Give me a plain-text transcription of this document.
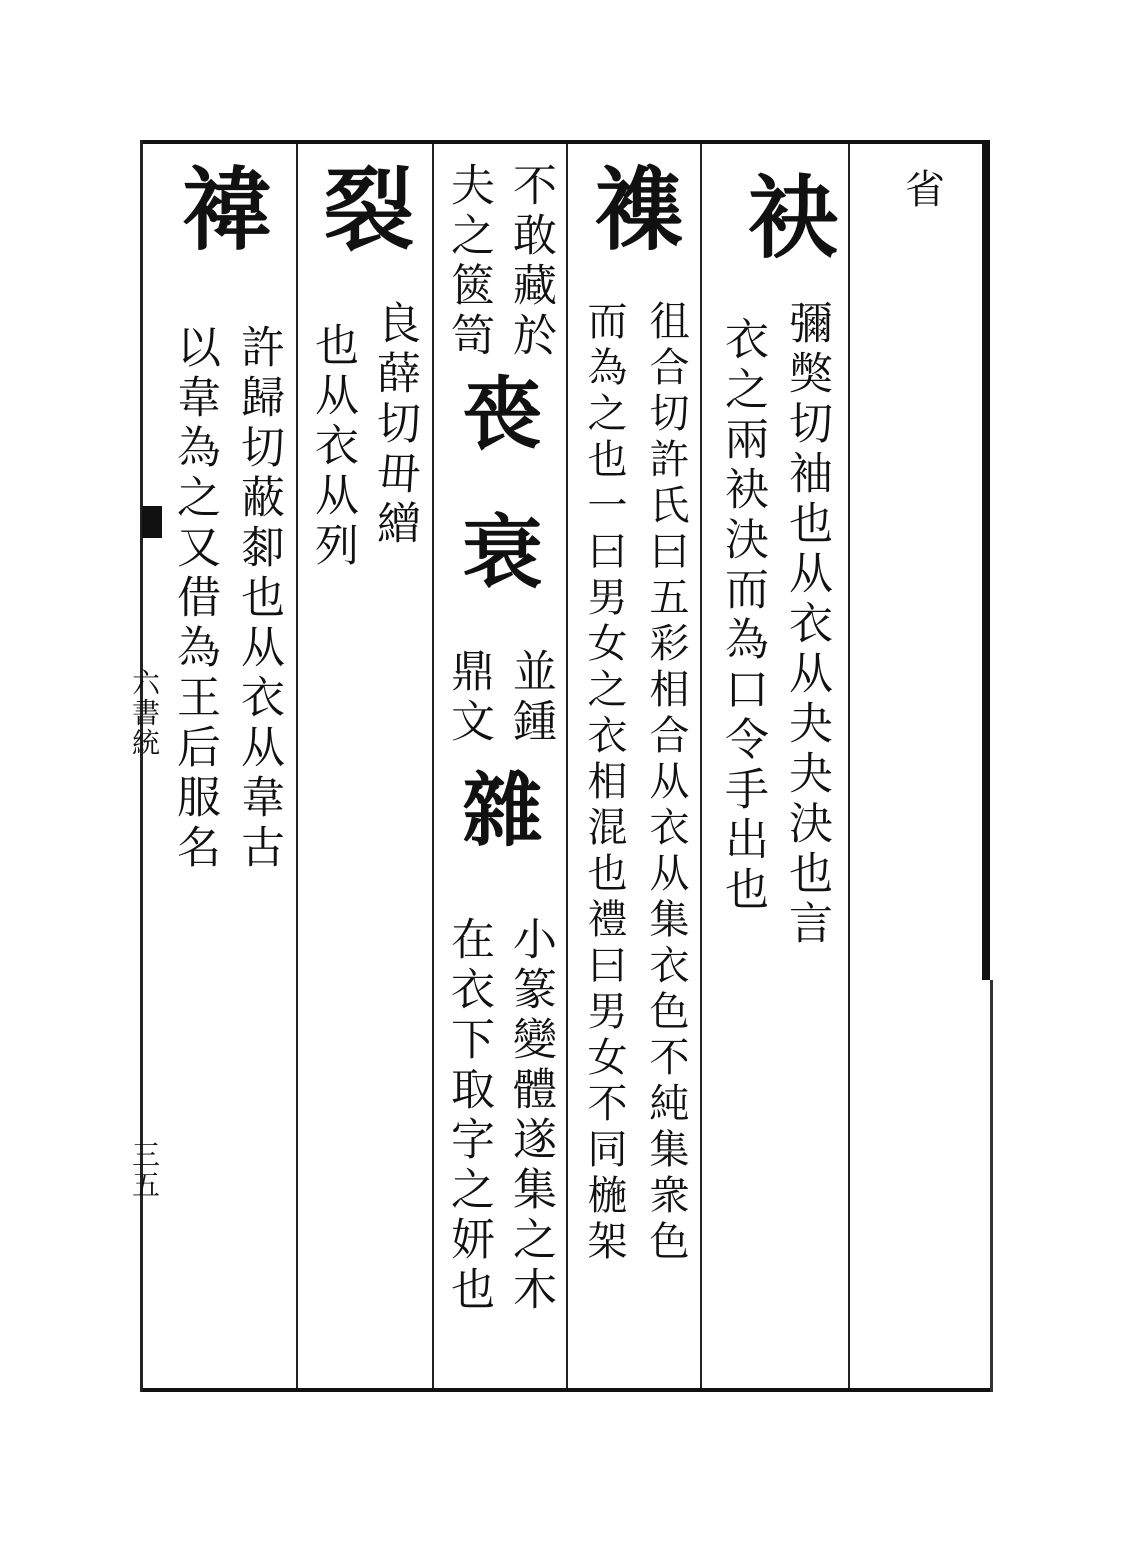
省
六書統
三五
袂
彌獘切袖也从衣从夬夬決也言
衣之兩袂決而為口令手出也
襍
徂合切許氏曰五彩相合从衣从集衣色不純集衆色
而為之也一曰男女之衣相混也禮曰男女不同椸架
不敢藏於
夫之篋笥
䘮
衰
並鍾
鼎文
雜
小篆變體遂集之木
在衣下取字之妍也
裂
良薛切毌繒
也从衣从列
褘
許歸切蔽厀也从衣从韋古
以韋為之又借為王后服名
